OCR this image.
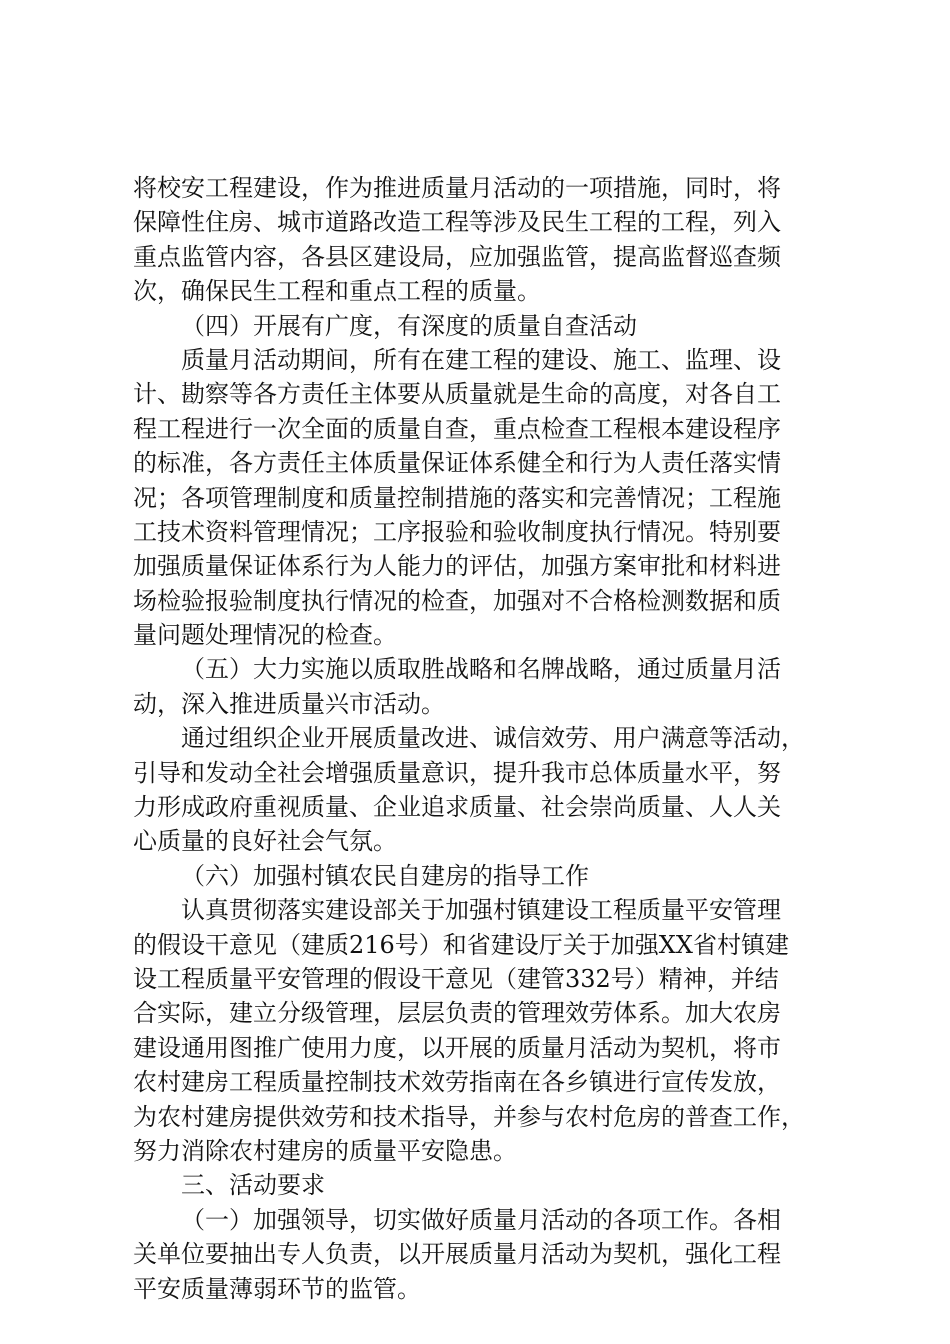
将校安工程建设，作为推进质量月活动的一项措施，同时，将
保障性住房、城市道路改造工程等涉及民生工程的工程，列入
重点监管内容，各县区建设局，应加强监管，提高监督巡查频
次，确保民生工程和重点工程的质量。
（四）开展有广度，有深度的质量自查活动
质量月活动期间，所有在建工程的建设、施工、监理、设
计、勘察等各方责任主体要从质量就是生命的高度，对各自工
程工程进行一次全面的质量自查，重点检查工程根本建设程序
的标准，各方责任主体质量保证体系健全和行为人责任落实情
况；各项管理制度和质量控制措施的落实和完善情况；工程施
工技术资料管理情况；工序报验和验收制度执行情况。特别要
加强质量保证体系行为人能力的评估，加强方案审批和材料进
场检验报验制度执行情况的检查，加强对不合格检测数据和质
量问题处理情况的检查。
（五）大力实施以质取胜战略和名牌战略，通过质量月活
动，深入推进质量兴市活动。
通过组织企业开展质量改进、诚信效劳、用户满意等活动，
引导和发动全社会增强质量意识，提升我市总体质量水平，努
力形成政府重视质量、企业追求质量、社会崇尚质量、人人关
心质量的良好社会气氛。
（六）加强村镇农民自建房的指导工作
认真贯彻落实建设部关于加强村镇建设工程质量平安管理
的假设干意见（建质216号）和省建设厅关于加强XX省村镇建
设工程质量平安管理的假设干意见（建管332号）精神，并结
合实际，建立分级管理，层层负责的管理效劳体系。加大农房
建设通用图推广使用力度，以开展的质量月活动为契机，将市
农村建房工程质量控制技术效劳指南在各乡镇进行宣传发放，
为农村建房提供效劳和技术指导，并参与农村危房的普查工作，
努力消除农村建房的质量平安隐患。
三、活动要求
（一）加强领导，切实做好质量月活动的各项工作。各相
关单位要抽出专人负责，以开展质量月活动为契机，强化工程
平安质量薄弱环节的监管。
